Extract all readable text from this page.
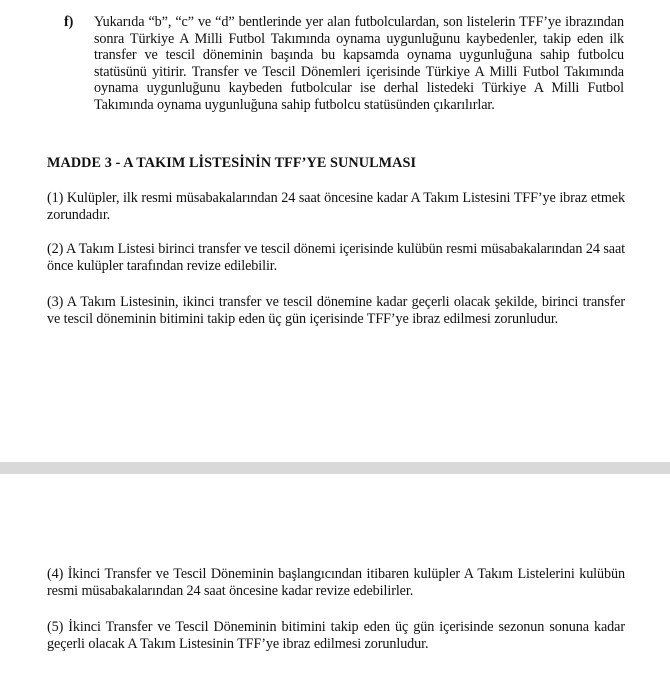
f) Yukarıda “b”, “c” ve “d” bentlerinde yer alan futbolculardan, son listelerin TFF’ye ibrazından sonra Türkiye A Milli Futbol Takımında oynama uygunluğunu kaybedenler, takip eden ilk transfer ve tescil döneminin başında bu kapsamda oynama uygunluğuna sahip futbolcu statüsünü yitirir. Transfer ve Tescil Dönemleri içerisinde Türkiye A Milli Futbol Takımında oynama uygunluğunu kaybeden futbolcular ise derhal listedeki Türkiye A Milli Futbol Takımında oynama uygunluğuna sahip futbolcu statüsünden çıkarılırlar.
MADDE 3 - A TAKIM LİSTESİNİN TFF’YE SUNULMASI
(1) Kulüpler, ilk resmi müsabakalarından 24 saat öncesine kadar A Takım Listesini TFF’ye ibraz etmek zorundadır.
(2) A Takım Listesi birinci transfer ve tescil dönemi içerisinde kulübün resmi müsabakalarından 24 saat önce kulüpler tarafından revize edilebilir.
(3) A Takım Listesinin, ikinci transfer ve tescil dönemine kadar geçerli olacak şekilde, birinci transfer ve tescil döneminin bitimini takip eden üç gün içerisinde TFF’ye ibraz edilmesi zorunludur.
(4) İkinci Transfer ve Tescil Döneminin başlangıcından itibaren kulüpler A Takım Listelerini kulübün resmi müsabakalarından 24 saat öncesine kadar revize edebilirler.
(5) İkinci Transfer ve Tescil Döneminin bitimini takip eden üç gün içerisinde sezonun sonuna kadar geçerli olacak A Takım Listesinin TFF’ye ibraz edilmesi zorunludur.
